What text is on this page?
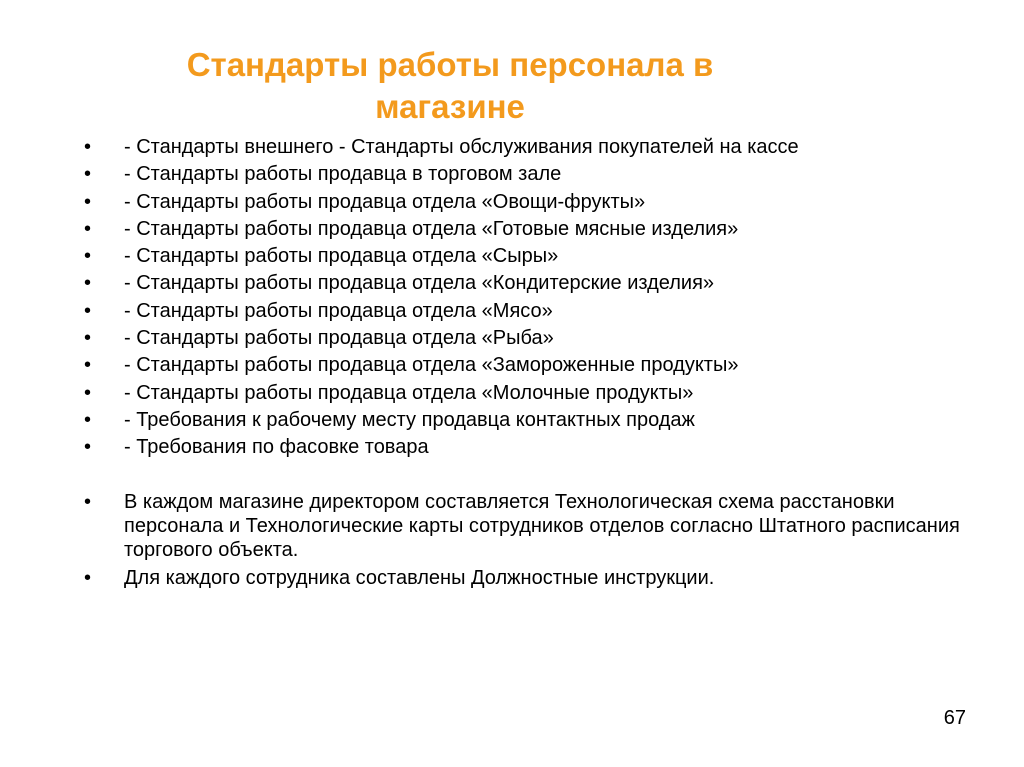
Стандарты работы персонала в
магазине
•	- Стандарты внешнего - Стандарты обслуживания покупателей на кассе
•	- Стандарты работы продавца в торговом зале
•	- Стандарты работы продавца отдела «Овощи-фрукты»
•	- Стандарты работы продавца отдела «Готовые мясные изделия»
•	- Стандарты работы продавца отдела «Сыры»
•	- Стандарты работы продавца отдела «Кондитерские изделия»
•	- Стандарты работы продавца отдела «Мясо»
•	- Стандарты работы продавца отдела «Рыба»
•	- Стандарты работы продавца отдела «Замороженные продукты»
•	- Стандарты работы продавца отдела «Молочные продукты»
•	- Требования к рабочему месту продавца контактных продаж
•	- Требования по фасовке товара
•	В каждом магазине директором составляется Технологическая схема расстановки персонала и Технологические карты сотрудников отделов согласно Штатного расписания торгового объекта.
•	Для каждого сотрудника составлены Должностные инструкции.
67
